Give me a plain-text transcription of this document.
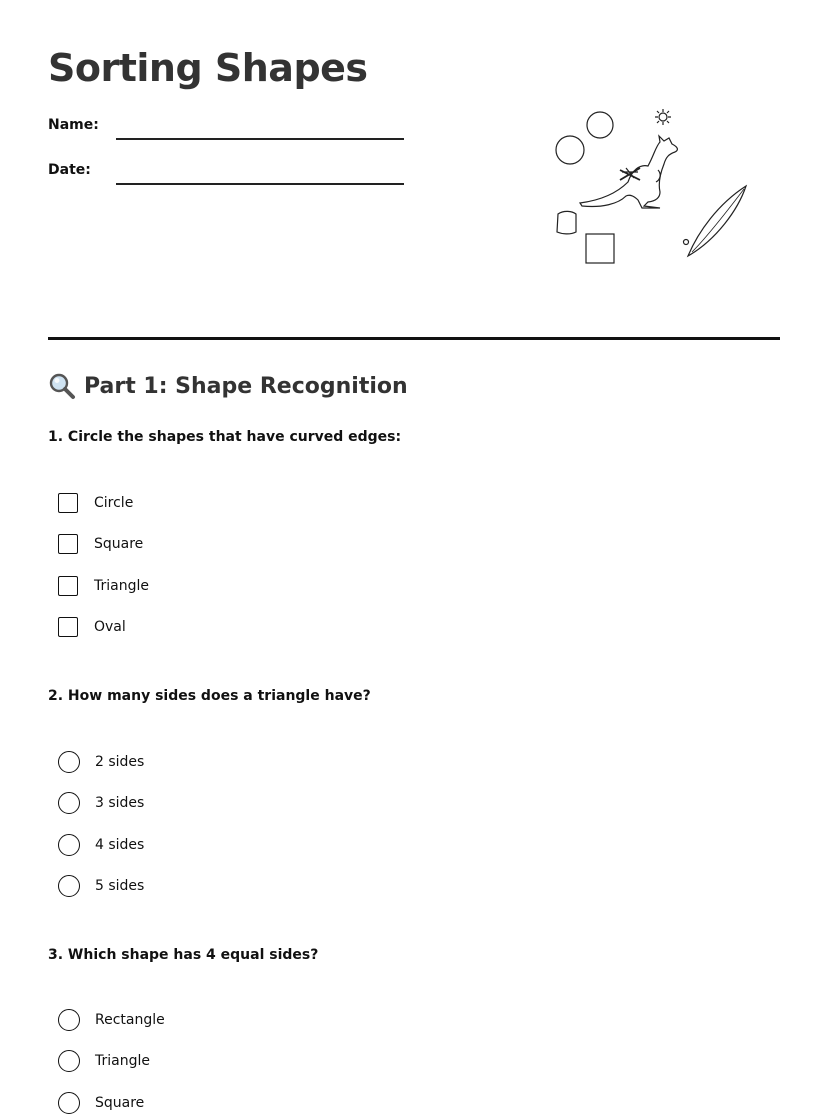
Sorting Shapes
Name:
Date:
Part 1: Shape Recognition
1. Circle the shapes that have curved edges:
Circle
Square
Triangle
Oval
2. How many sides does a triangle have?
2 sides
3 sides
4 sides
5 sides
3. Which shape has 4 equal sides?
Rectangle
Triangle
Square
